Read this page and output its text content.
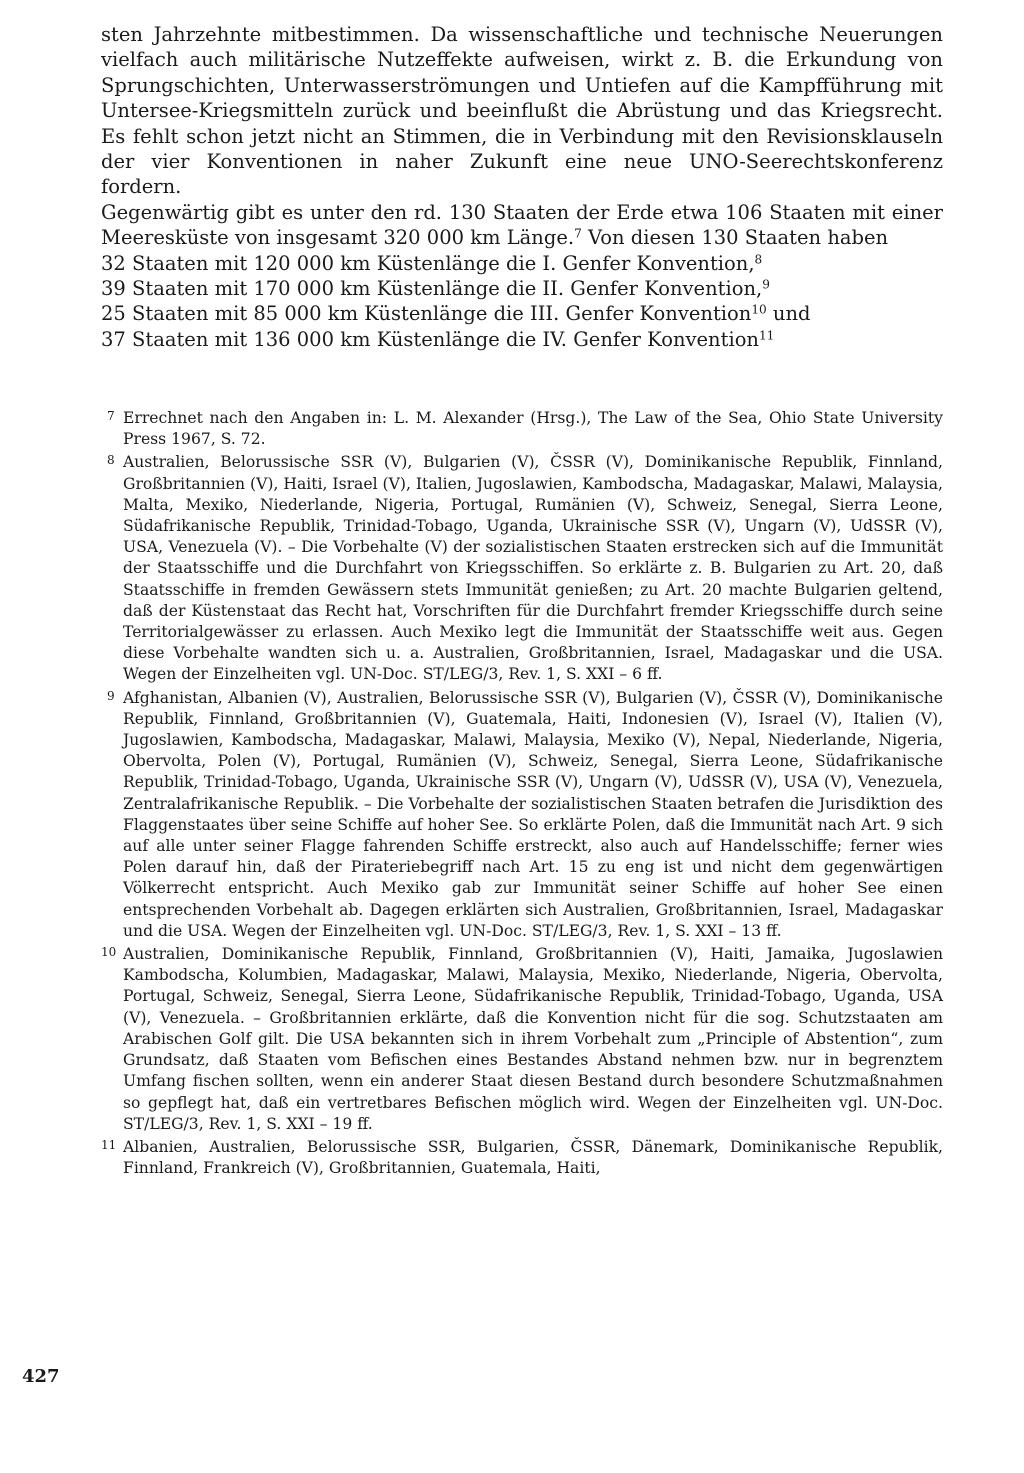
sten Jahrzehnte mitbestimmen. Da wissenschaftliche und technische Neuerungen vielfach auch militärische Nutzeffekte aufweisen, wirkt z. B. die Erkundung von Sprungschichten, Unterwasserströmungen und Untiefen auf die Kampfführung mit Untersee-Kriegsmitteln zurück und beeinflußt die Abrüstung und das Kriegsrecht. Es fehlt schon jetzt nicht an Stimmen, die in Verbindung mit den Revisionsklauseln der vier Konventionen in naher Zukunft eine neue UNO-Seerechtskonferenz fordern.

Gegenwärtig gibt es unter den rd. 130 Staaten der Erde etwa 106 Staaten mit einer Meeresküste von insgesamt 320 000 km Länge.$^7$ Von diesen 130 Staaten haben

32 Staaten mit 120 000 km Küstenlänge die I. Genfer Konvention,$^8$
39 Staaten mit 170 000 km Küstenlänge die II. Genfer Konvention,$^9$
25 Staaten mit 85 000 km Küstenlänge die III. Genfer Konvention$^{10}$ und
37 Staaten mit 136 000 km Küstenlänge die IV. Genfer Konvention$^{11}$
7 Errechnet nach den Angaben in: L. M. Alexander (Hrsg.), The Law of the Sea, Ohio State University Press 1967, S. 72.
8 Australien, Belorussische SSR (V), Bulgarien (V), ČSSR (V), Dominikanische Republik, Finnland, Großbritannien (V), Haiti, Israel (V), Italien, Jugoslawien, Kambodscha, Madagaskar, Malawi, Malaysia, Malta, Mexiko, Niederlande, Nigeria, Portugal, Rumänien (V), Schweiz, Senegal, Sierra Leone, Südafrikanische Republik, Trinidad-Tobago, Uganda, Ukrainische SSR (V), Ungarn (V), UdSSR (V), USA, Venezuela (V). – Die Vorbehalte (V) der sozialistischen Staaten erstrecken sich auf die Immunität der Staatsschiffe und die Durchfahrt von Kriegsschiffen. So erklärte z. B. Bulgarien zu Art. 20, daß Staatsschiffe in fremden Gewässern stets Immunität genießen; zu Art. 20 machte Bulgarien geltend, daß der Küstenstaat das Recht hat, Vorschriften für die Durchfahrt fremder Kriegsschiffe durch seine Territorialgewässer zu erlassen. Auch Mexiko legt die Immunität der Staatsschiffe weit aus. Gegen diese Vorbehalte wandten sich u. a. Australien, Großbritannien, Israel, Madagaskar und die USA. Wegen der Einzelheiten vgl. UN-Doc. ST/LEG/3, Rev. 1, S. XXI – 6 ff.
9 Afghanistan, Albanien (V), Australien, Belorussische SSR (V), Bulgarien (V), ČSSR (V), Dominikanische Republik, Finnland, Großbritannien (V), Guatemala, Haiti, Indonesien (V), Israel (V), Italien (V), Jugoslawien, Kambodscha, Madagaskar, Malawi, Malaysia, Mexiko (V), Nepal, Niederlande, Nigeria, Obervolta, Polen (V), Portugal, Rumänien (V), Schweiz, Senegal, Sierra Leone, Südafrikanische Republik, Trinidad-Tobago, Uganda, Ukrainische SSR (V), Ungarn (V), UdSSR (V), USA (V), Venezuela, Zentralafrikanische Republik. – Die Vorbehalte der sozialistischen Staaten betrafen die Jurisdiktion des Flaggenstaates über seine Schiffe auf hoher See. So erklärte Polen, daß die Immunität nach Art. 9 sich auf alle unter seiner Flagge fahrenden Schiffe erstreckt, also auch auf Handelsschiffe; ferner wies Polen darauf hin, daß der Pirateriebegriff nach Art. 15 zu eng ist und nicht dem gegenwärtigen Völkerrecht entspricht. Auch Mexiko gab zur Immunität seiner Schiffe auf hoher See einen entsprechenden Vorbehalt ab. Dagegen erklärten sich Australien, Großbritannien, Israel, Madagaskar und die USA. Wegen der Einzelheiten vgl. UN-Doc. ST/LEG/3, Rev. 1, S. XXI – 13 ff.
10 Australien, Dominikanische Republik, Finnland, Großbritannien (V), Haiti, Jamaika, Jugoslawien Kambodscha, Kolumbien, Madagaskar, Malawi, Malaysia, Mexiko, Niederlande, Nigeria, Obervolta, Portugal, Schweiz, Senegal, Sierra Leone, Südafrikanische Republik, Trinidad-Tobago, Uganda, USA (V), Venezuela. – Großbritannien erklärte, daß die Konvention nicht für die sog. Schutzstaaten am Arabischen Golf gilt. Die USA bekannten sich in ihrem Vorbehalt zum „Principle of Abstention“, zum Grundsatz, daß Staaten vom Befischen eines Bestandes Abstand nehmen bzw. nur in begrenztem Umfang fischen sollten, wenn ein anderer Staat diesen Bestand durch besondere Schutzmaßnahmen so gepflegt hat, daß ein vertretbares Befischen möglich wird. Wegen der Einzelheiten vgl. UN-Doc. ST/LEG/3, Rev. 1, S. XXI – 19 ff.
11 Albanien, Australien, Belorussische SSR, Bulgarien, ČSSR, Dänemark, Dominikanische Republik, Finnland, Frankreich (V), Großbritannien, Guatemala, Haiti,
427
